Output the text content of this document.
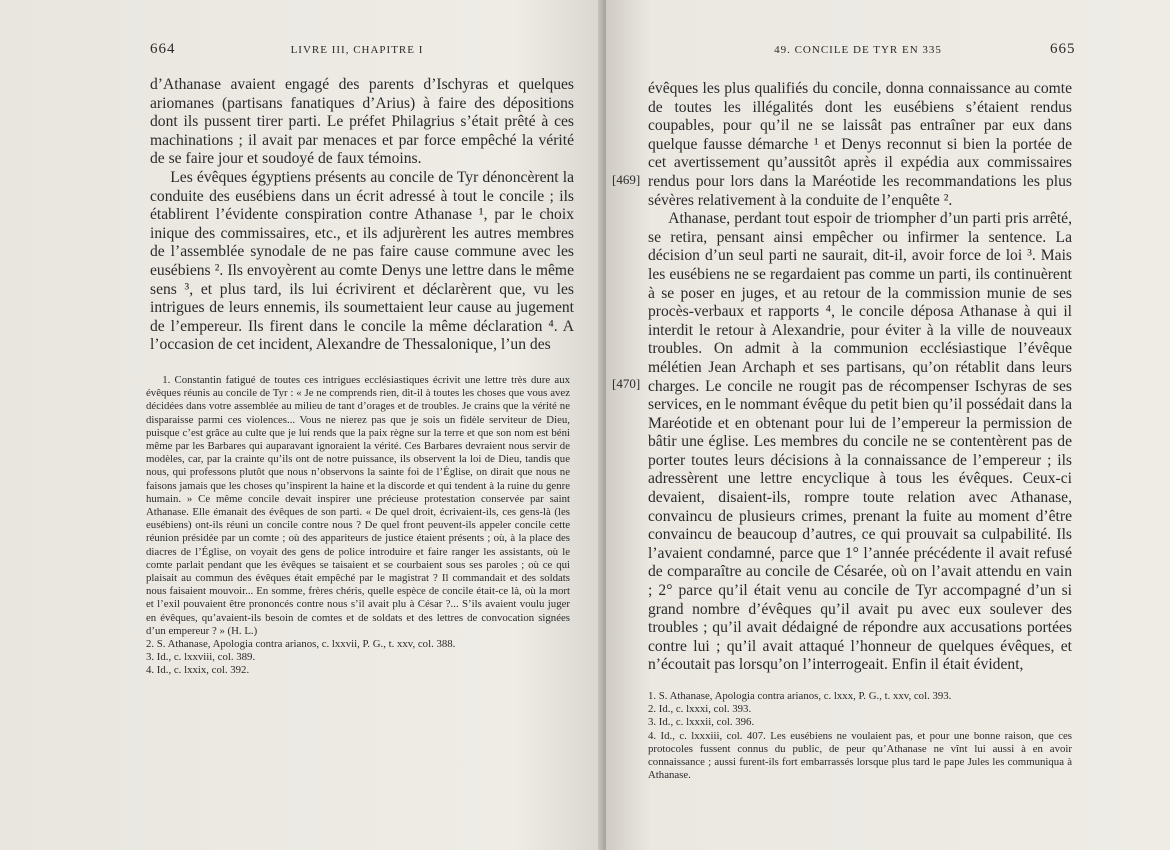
664	LIVRE III, CHAPITRE I

d’Athanase avaient engagé des parents d’Ischyras et quelques ariomanes (partisans fanatiques d’Arius) à faire des dépositions dont ils pussent tirer parti. Le préfet Philagrius s’était prêté à ces machinations ; il avait par menaces et par force empêché la vérité de se faire jour et soudoyé de faux témoins.

Les évêques égyptiens présents au concile de Tyr dénoncèrent la conduite des eusébiens dans un écrit adressé à tout le concile ; ils établirent l’évidente conspiration contre Athanase ¹, par le choix inique des commissaires, etc., et ils adjurèrent les autres membres de l’assemblée synodale de ne pas faire cause commune avec les eusébiens ². Ils envoyèrent au comte Denys une lettre dans le même sens ³, et plus tard, ils lui écrivirent et déclarèrent que, vu les intrigues de leurs ennemis, ils soumettaient leur cause au jugement de l’empereur. Ils firent dans le concile la même déclaration ⁴. A l’occasion de cet incident, Alexandre de Thessalonique, l’un des

1. Constantin fatigué de toutes ces intrigues ecclésiastiques écrivit une lettre très dure aux évêques réunis au concile de Tyr : « Je ne comprends rien, dit-il à toutes les choses que vous avez décidées dans votre assemblée au milieu de tant d’orages et de troubles. Je crains que la vérité ne disparaisse parmi ces violences... Vous ne nierez pas que je sois un fidèle serviteur de Dieu, puisque c’est grâce au culte que je lui rends que la paix règne sur la terre et que son nom est béni même par les Barbares qui auparavant ignoraient la vérité. Ces Barbares devraient nous servir de modèles, car, par la crainte qu’ils ont de notre puissance, ils observent la loi de Dieu, tandis que nous, qui professons plutôt que nous n’observons la sainte foi de l’Église, on dirait que nous ne faisons jamais que les choses qu’inspirent la haine et la discorde et qui tendent à la ruine du genre humain. » Ce même concile devait inspirer une précieuse protestation conservée par saint Athanase. Elle émanait des évêques de son parti. « De quel droit, écrivaient-ils, ces gens-là (les eusébiens) ont-ils réuni un concile contre nous ? De quel front peuvent-ils appeler concile cette réunion présidée par un comte ; où des appariteurs de justice étaient présents ; où, à la place des diacres de l’Église, on voyait des gens de police introduire et faire ranger les assistants, où le comte parlait pendant que les évêques se taisaient et se courbaient sous ses paroles ; où ce qui plaisait au commun des évêques était empêché par le magistrat ? Il commandait et des soldats nous faisaient mouvoir... En somme, frères chéris, quelle espèce de concile était-ce là, où la mort et l’exil pouvaient être prononcés contre nous s’il avait plu à César ?... S’ils avaient voulu juger en évêques, qu’avaient-ils besoin de comtes et de soldats et des lettres de convocation signées d’un empereur ? » (H. L.)

2. S. Athanase, Apologia contra arianos, c. lxxvii, P. G., t. xxv, col. 388.

3. Id., c. lxxviii, col. 389.

4. Id., c. lxxix, col. 392.

49. CONCILE DE TYR EN 335	665
[ 469]
[ 470]

évêques les plus qualifiés du concile, donna connaissance au comte de toutes les illégalités dont les eusébiens s’étaient rendus coupables, pour qu’il ne se laissât pas entraîner par eux dans quelque fausse démarche ¹ et Denys reconnut si bien la portée de cet avertissement qu’aussitôt après il expédia aux commissaires rendus pour lors dans la Maréotide les recommandations les plus sévères relativement à la conduite de l’enquête ².

Athanase, perdant tout espoir de triompher d’un parti pris arrêté, se retira, pensant ainsi empêcher ou infirmer la sentence. La décision d’un seul parti ne saurait, dit-il, avoir force de loi ³. Mais les eusébiens ne se regardaient pas comme un parti, ils continuèrent à se poser en juges, et au retour de la commission munie de ses procès-verbaux et rapports ⁴, le concile déposa Athanase à qui il interdit le retour à Alexandrie, pour éviter à la ville de nouveaux troubles. On admit à la communion ecclésiastique l’évêque mélétien Jean Archaph et ses partisans, qu’on rétablit dans leurs charges. Le concile ne rougit pas de récompenser Ischyras de ses services, en le nommant évêque du petit bien qu’il possédait dans la Maréotide et en obtenant pour lui de l’empereur la permission de bâtir une église. Les membres du concile ne se contentèrent pas de porter toutes leurs décisions à la connaissance de l’empereur ; ils adressèrent une lettre encyclique à tous les évêques. Ceux-ci devaient, disaient-ils, rompre toute relation avec Athanase, convaincu de plusieurs crimes, prenant la fuite au moment d’être convaincu de beaucoup d’autres, ce qui prouvait sa culpabilité. Ils l’avaient condamné, parce que 1° l’année précédente il avait refusé de comparaître au concile de Césarée, où on l’avait attendu en vain ; 2° parce qu’il était venu au concile de Tyr accompagné d’un si grand nombre d’évêques qu’il avait pu avec eux soulever des troubles ; qu’il avait dédaigné de répondre aux accusations portées contre lui ; qu’il avait attaqué l’honneur de quelques évêques, et n’écoutait pas lorsqu’on l’interrogeait. Enfin il était évident,

1. S. Athanase, Apologia contra arianos, c. lxxx, P. G., t. xxv, col. 393.

2. Id., c. lxxxi, col. 393.

3. Id., c. lxxxii, col. 396.

4. Id., c. lxxxiii, col. 407. Les eusébiens ne voulaient pas, et pour une bonne raison, que ces protocoles fussent connus du public, de peur qu’Athanase ne vînt lui aussi à en avoir connaissance ; aussi furent-ils fort embarrassés lorsque plus tard le pape Jules les communiqua à Athanase.
